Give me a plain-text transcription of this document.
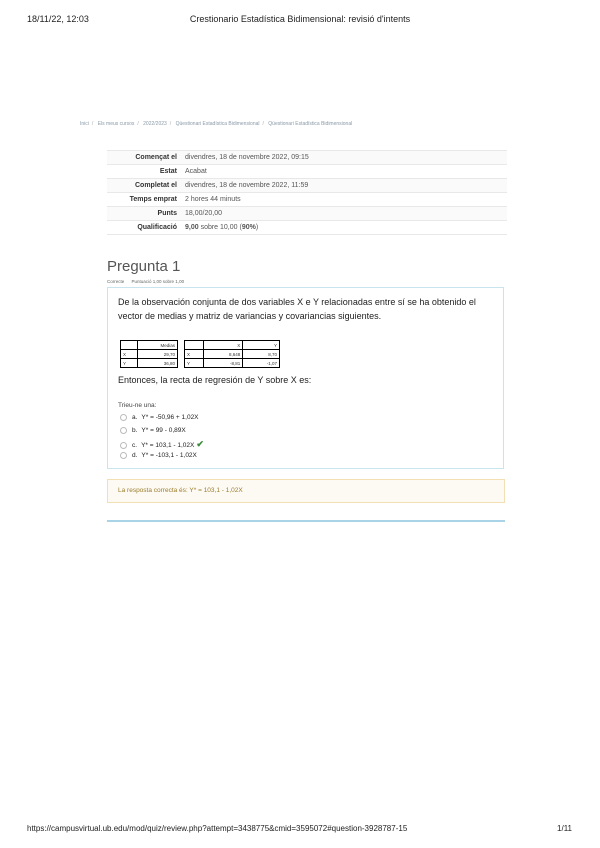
18/11/22, 12:03	Crestionario Estadística Bidimensional: revisió d'intents
Inici / Els meus cursos / 2022/2023 / Qüestionari Estadística Bidimensional / Qüestionari Estadística Bidimensional
Començat el	divendres, 18 de novembre 2022, 09:15
Estat	Acabat
Completat el	divendres, 18 de novembre 2022, 11:59
Temps emprat	2 hores 44 minuts
Punts	18,00/20,00
Qualificació	9,00 sobre 10,00 (90%)
Pregunta 1
Correcte Puntuació 1,00 sobre 1,00
De la observación conjunta de dos variables X e Y relacionadas entre sí se ha obtenido el vector de medias y matriz de variancias y covariancias siguientes.
	Medias
X	29,70
Y	36,80
	X	Y
X	8,648	8,70
Y	-8,81	-1,07
Entonces, la recta de regresión de Y sobre X es:
Trieu-ne una:
a. Y* = -50,96 + 1,02X
b. Y* = 99 - 0,89X
c. Y* = 103,1 - 1,02X ✔
d. Y* = -103,1 - 1,02X
La resposta correcta és: Y* = 103,1 - 1,02X
https://campusvirtual.ub.edu/mod/quiz/review.php?attempt=3438775&cmid=3595072#question-3928787-15	1/11
